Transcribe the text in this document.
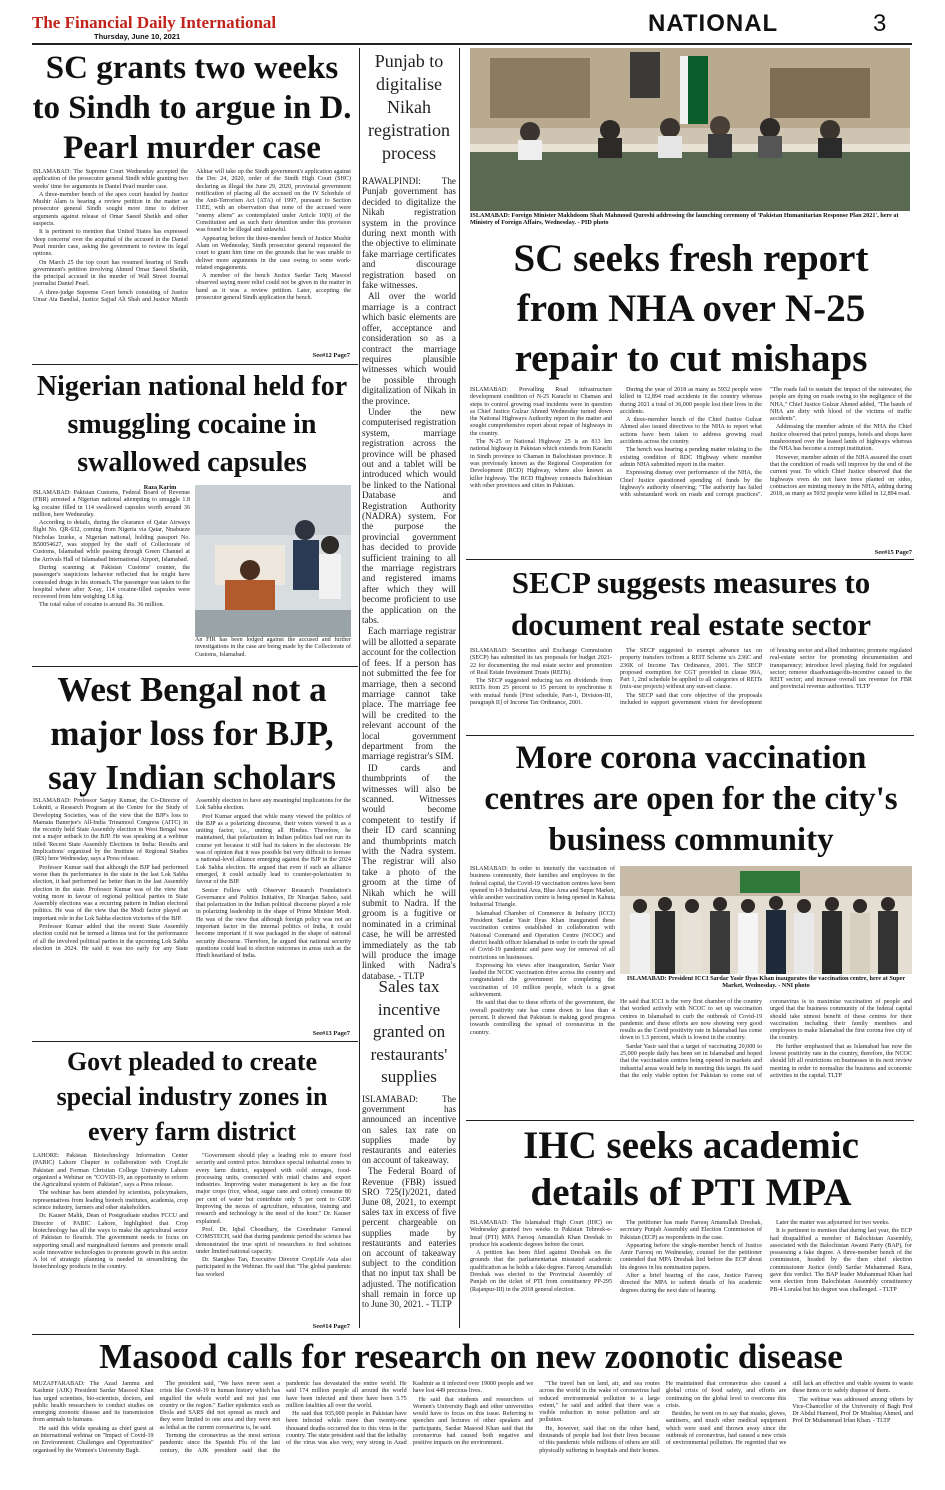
The Financial Daily International
Thursday, June 10, 2021	NATIONAL	3
SC grants two weeks to Sindh to argue in D. Pearl murder case

ISLAMABAD: The Supreme Court Wednesday accepted the application of the prosecutor general Sindh while granting two weeks' time for arguments in Daniel Pearl murder case.

A three-member bench of the apex court headed by Justice Mushir Alam is hearing a review petition in the matter as prosecutor general Sindh sought more time to deliver arguments against release of Omar Saeed Sheikh and other suspects.

It is pertinent to mention that United States has expressed 'deep concerns' over the acquittal of the accused in the Daniel Pearl murder case, asking the government to review its legal options.

On March 25 the top court has resumed hearing of Sindh government's petition involving Ahmed Omar Saeed Sheikh, the principal accused in the murder of Wall Street Journal journalist Daniel Pearl.

A three-judge Supreme Court bench consisting of Justice Umar Ata Bandial, Justice Sajjad Ali Shah and Justice Munib Akhtar will take up the Sindh government's application against the Dec 24, 2020, order of the Sindh High Court (SHC) declaring as illegal the June 29, 2020, provincial government notification of placing all the accused on the IV Schedule of the Anti-Terrorism Act (ATA) of 1997, pursuant to Section 11EE, with an observation that none of the accused were "enemy aliens" as contemplated under Article 10(9) of the Constitution and as such their detention under this provision was found to be illegal and unlawful.

Appearing before the three-member bench of Justice Mushir Alam on Wednesday, Sindh prosecutor general requested the court to grant him time on the grounds that he was unable to deliver more arguments in the case owing to some work-related engagements.

A member of the bench Justice Sardar Tariq Masood observed saying more relief could not be given in the matter in hand as it was a review petition. Later, accepting the prosecutor general Sindh application the bench.

See#12 Page7
Punjab to digitalise Nikah registration process

RAWALPINDI: The Punjab government has decided to digitalize the Nikah registration system in the province during next month with the objective to eliminate fake marriage certificates and discourage registration based on fake witnesses.

All over the world marriage is a contract which basic elements are offer, acceptance and consideration so as a contract the marriage requires plausible witnesses which would be possible through digitalization of Nikah in the province.

Under the new computerised registration system, marriage registration across the province will be phased out and a tablet will be introduced which would be linked to the National Database and Registration Authority (NADRA) system. For the purpose the provincial government has decided to provide sufficient training to all the marriage registrars and registered imams after which they will become proficient to use the application on the tabs.

Each marriage registrar will be allotted a separate account for the collection of fees. If a person has not submitted the fee for marriage, then a second marriage cannot take place. The marriage fee will be credited to the relevant account of the local government department from the marriage registrar's SIM.

ID cards and thumbprints of the witnesses will also be scanned. Witnesses would become competent to testify if their ID card scanning and thumbprints match with the Nadra system. The registrar will also take a photo of the groom at the time of Nikah which he will submit to Nadra. If the groom is a fugitive or nominated in a criminal case, he will be arrested immediately as the tab will produce the image linked with Nadra's database. - TLTP

ISLAMABAD: Foreign Minister Makhdoom Shah Mahmood Qureshi addressing the launching ceremony of 'Pakistan Humanitarian Response Plan 2021', here at Ministry of Foreign Affairs, Wednesday. - PID photo
SC seeks fresh report from NHA over N-25 repair to cut mishaps

ISLAMABAD: Prevailing Road infrastructure development condition of N-25 Karachi to Chaman and steps to control growing road incidents were in question as Chief Justice Gulzar Ahmed Wednesday turned down the National Highways Authority report in the matter and sought comprehensive report about repair of highways in the country.

The N-25 or National Highway 25 is an 813 km national highway in Pakistan which extends from Karachi in Sindh province to Chaman in Balochistan province. It was previously known as the Regional Cooperation for Development (RCD) Highway, where also known as killer highway. The RCD Highway connects Balochistan with other provinces and cities in Pakistan.

During the year of 2018 as many as 5932 people were killed in 12,894 road accidents in the country whereas during 2021 a total of 36,000 people lost their lives in the accidents.

A three-member bench of the Chief Justice Gulzar Ahmed also issued directives to the NHA to report what actions have been taken to address growing road accidents across the country.

The bench was hearing a pending matter relating to the existing condition of RDC Highway where member admin NHA submitted report in the matter.

Expressing dismay over performance of the NHA, the Chief Justice questioned spending of funds by the highway's authority observing; "The authority has failed with substandard work on roads and corrupt practices". "The roads fail to sustain the impact of the rainwater, the people are dying on roads owing to the negligence of the NHA," Chief Justice Gulzar Ahmed added, "The hands of NHA are dirty with blood of the victims of traffic accidents".

Addressing the member admin of the NHA the Chief Justice observed that petrol pumps, hotels and shops have mushroomed over the leased lands of highways whereas the NHA has become a corrupt institution.

However, member admin of the NHA assured the court that the condition of roads will improve by the end of the current year. To which Chief Justice observed that the highways even do not have trees planted on sides, contractors are minting money in the NHA, adding during 2018, as many as 5932 people were killed in 12,894 road.

See#15 Page7
Nigerian national held for smuggling cocaine in swallowed capsules
Raza Karim

ISLAMABAD: Pakistan Customs, Federal Board of Revenue (FBR) arrested a Nigerian national attempting to smuggle 1.8 kg cocaine filled in 114 swallowed capsules worth around 36 million, here Wednesday.

According to details, during the clearance of Qatar Airways flight No. QR-632, coming from Nigeria via Qatar, Nnabueze Nicholas Izueke, a Nigerian national, holding passport No. B50054627, was stopped by the staff of Collectorate of Customs, Islamabad while passing through Green Channel at the Arrivals Hall of Islamabad International Airport, Islamabad.

During scanning at Pakistan Customs' counter, the passenger's suspicious behavior reflected that he might have concealed drugs in his stomach. The passenger was taken to the hospital where after X-ray, 114 cocaine-filled capsules were recovered from him weighing 1.8 kg.

The total value of cocaine is around Rs. 36 million.

An FIR has been lodged against the accused and further investigations in the case are being made by the Collectorate of Customs, Islamabad.
SECP suggests measures to document real estate sector

ISLAMABAD: Securities and Exchange Commission (SECP) has submitted its tax proposals for budget 2021-22 for documenting the real estate sector and promotion of Real Estate Investment Trusts (REITs).

The SECP suggested reducing tax on dividends from REITs from 25 percent to 15 percent to synchronise it with mutual funds [First schedule, Part-1, Division-III, paragraph II] of Income Tax Ordinance, 2001.

The SECP suggested to exempt advance tax on property transfers to/from a REIT Scheme u/s 236C and 236K of Income Tax Ordinance, 2001. The SECP proposed exemption for CGT provided in clause 99A, Part 1, 2nd schedule be applied to all categories of REITs (mix-use projects) without any sun-set clause.

The SECP said that core objective of the proposals included to support government vision for development of housing sector and allied industries; promote regulated real-estate sector for promoting documentation and transparency; introduce level playing field for regulated sector; remove disadvantage/dis-incentive caused to the REIT sector; and increase overall tax revenue for FBR and provincial revenue authorities. TLTP

West Bengal not a major loss for BJP, say Indian scholars

ISLAMABAD: Professor Sanjay Kumar, the Co-Director of Lokniti, a Research Program at the Centre for the Study of Developing Societies, was of the view that the BJP's loss to Mamata Banerjee's All-India Trinamool Congress (AITC) in the recently held State Assembly election in West Bengal was not a major setback to the BJP. He was speaking at a webinar titled 'Recent State Assembly Elections in India: Results and Implications' organized by the Institute of Regional Studies (IRS) here Wednesday, says a Press release.

Professor Kumar said that although the BJP had performed worse than its performance in the state in the last Lok Sabha election, it had performed far better than in the last Assembly election in the state. Professor Kumar was of the view that voting more in favour of regional political parties in State Assembly elections was a recurring pattern in Indian electoral politics. He was of the view that the Modi factor played an important role in the Lok Sabha election victories of the BJP.

Professor Kumar added that the recent State Assembly election could not be termed a litmus test for the performance of all the involved political parties in the upcoming Lok Sabha election in 2024. He said it was too early for any State Assembly election to have any meaningful implications for the Lok Sabha election.

Prof Kumar argued that while many viewed the politics of the BJP as a polarizing discourse, their voters viewed it as a uniting factor, i.e., uniting all Hindus. Therefore, he maintained, that polarization in Indian politics had not run its course yet because it still had its takers in the electorate. He was of opinion that it was possible but very difficult to foresee a national-level alliance emerging against the BJP in the 2024 Lok Sabha election. He argued that even if such an alliance emerged, it could actually lead to counter-polarization in favour of the BJP.

Senior Fellow with Observer Research Foundation's Governance and Politics Initiative, Dr Niranjan Sahoo, said that polarization in the Indian political discourse played a role in polarizing leadership in the shape of Prime Minister Modi. He was of the view that although foreign policy was not an important factor in the internal politics of India, it could become important if it was packaged in the shape of national security discourse. Therefore, he argued that national security questions could lead to election outcomes in areas such as the Hindi heartland of India.

See#13 Page7
More corona vaccination centres are open for the city's business community

ISLAMABAD: In order to intensify the vaccination of business community, their families and employees in the federal capital, the Covid-19 vaccination centres have been opened in I-9 Industrial Area, Blue Area and Super Market, while another vaccination centre is being opened in Kahuta Industrial Triangle.

Islamabad Chamber of Commerce & Industry (ICCI) President Sardar Yasir Ilyas Khan inaugurated these vaccination centres established in collaboration with National Command and Operation Centre (NCOC) and district health officer Islamabad in order to curb the spread of Covid-19 pandemic and pave way for removal of all restrictions on businesses.

Expressing his views after inauguration, Sardar Yasir lauded the NCOC vaccination drive across the country and congratulated the government for completing the vaccination of 10 million people, which is a great achievement.

He said that due to these efforts of the government, the overall positivity rate has come down to less than 4 percent. It showed that Pakistan is making good progress towards controlling the spread of coronavirus in the country.

ISLAMABAD: President ICCI Sardar Yasir Ilyas Khan inaugurates the vaccination centre, here at Super Market, Wednesday. - NNI photo

He said that ICCI is the very first chamber of the country that worked actively with NCOC to set up vaccination centres in Islamabad to curb the outbreak of Covid-19 pandemic and these efforts are now showing very good results as the Covid positivity rate in Islamabad has come down to 1.3 percent, which is lowest in the country.

Sardar Yasir said that a target of vaccinating 20,000 to 25,000 people daily has been set in Islamabad and hoped that the vaccination centres being opened in markets and industrial areas would help in meeting this target. He said that the only viable option for Pakistan to come out of coronavirus is to maximise vaccination of people and urged that the business community of the federal capital should take utmost benefit of these centres for their vaccination including their family members and employees to make Islamabad the first corona free city of the country.

He further emphasised that as Islamabad has now the lowest positivity rate in the country, therefore, the NCOC should lift all restrictions on businesses in its next review meeting in order to normalize the business and economic activities in the capital. TLTP

Sales tax incentive granted on restaurants' supplies

ISLAMABAD: The government has announced an incentive on sales tax rate on supplies made by restaurants and eateries on account of takeaway.

The Federal Board of Revenue (FBR) issued SRO 725(I)/2021, dated June 08, 2021, to exempt sales tax in excess of five percent chargeable on supplies made by restaurants and eateries on account of takeaway subject to the condition that no input tax shall be adjusted. The notification shall remain in force up to June 30, 2021. - TLTP

Govt pleaded to create special industry zones in every farm district

LAHORE: Pakistan Biotechnology Information Center (PABIC) Lahore Chapter in collaboration with CropLife Pakistan and Forman Christian College University Lahore organized a Webinar on "COVID-19, an opportunity to reform the Agricultural system of Pakistan", says a Press release.

The webinar has been attended by scientists, policymakers, representatives from leading biotech institutes, academia, crop science industry, farmers and other stakeholders.

Dr. Kauser Malik, Dean of Postgraduate studies FCCU and Director of PABIC Lahore, highlighted that Crop biotechnology has all the ways to make the agricultural sector of Pakistan to flourish. The government needs to focus on supporting small and marginalized farmers and promote small scale innovative technologies to promote growth in this sector. A lot of strategic planning is needed in streamlining the biotechnology products in the country.

"Government should play a leading role to ensure food security and control price. Introduce special industrial zones in every farm district, equipped with cold storages, food-processing units, connected with retail chains and export industries. Improving water management is key as the four major crops (rice, wheat, sugar cane and cotton) consume 80 per cent of water but contribute only 5 per cent to GDP. Improving the nexus of agriculture, education, training and research and technology is the need of the hour." Dr. Kauser explained.

Prof. Dr. Iqbal Choudhary, the Coordinator General COMSTECH, said that during pandemic period the science has demonstrated the true spirit of researchers to find solutions under limited national capacity.

Dr. Sianghee Tan, Executive Director CropLife Asia also participated in the Webinar. He said that "The global pandemic has worked

See#14 Page7
IHC seeks academic details of PTI MPA

ISLAMABAD: The Islamabad High Court (IHC) on Wednesday granted two weeks to Pakistan Tehreek-e-Insaf (PTI) MPA Farooq Amanullah Khan Dreshak to produce his academic degrees before the court.

A petition has been filed against Dreshak on the grounds that the parliamentarian misstated academic qualification as he holds a fake degree. Farooq Amanullah Dreshak was elected to the Provincial Assembly of Punjab on the ticket of PTI from constituency PP-295 (Rajanpur-III) in the 2018 general election.

The petitioner has made Farooq Amanullah Dreshak, secretary Punjab Assembly and Election Commission of Pakistan (ECP) as respondents in the case.

Appearing before the single-member bench of Justice Amir Farooq on Wednesday, counsel for the petitioner contended that MPA Dreshak lied before the ECP about his degrees in his nomination papers.

After a brief hearing of the case, Justice Farooq directed the MPA to submit details of his academic degrees during the next date of hearing.

Later the matter was adjourned for two weeks.

It is pertinent to mention that during last year, the ECP had disqualified a member of Balochistan Assembly, associated with the Balochistan Awami Party (BAP), for possessing a fake degree. A three-member bench of the commission, headed by the then chief election commissioner Justice (retd) Sardar Muhammad Raza, gave this verdict. The BAP leader Muhammad Khan had won election from Balochistan Assembly constituency PB-4 Loralai but his degree was challenged. - TLTP

Masood calls for research on new zoonotic disease

MUZAFFARABAD: The Azad Jammu and Kashmir (AJK) President Sardar Masood Khan has urged scientists, bio-scientists, doctors, and public health researchers to conduct studies on emerging zoonotic disease and its transmission from animals to humans.

He said this while speaking as chief guest at an international webinar on "Impact of Covid-19 on Environment: Challenges and Opportunities" organised by the Women's University Bagh.

The president said, "We have never seen a crisis like Covid-19 in human history which has engulfed the whole world and not just one country or the region." Earlier epidemics such as Ebola and SARS did not spread as much and they were limited to one area and they were not as lethal as the current coronavirus is, he said.

Terming the coronavirus as the most serious pandemic since the Spanish Flu of the last century, the AJK president said that the pandemic has devastated the entire world. He said 174 million people all around the world have been infected and there have been 3.75 million fatalities all over the world.

He said that 935,000 people in Pakistan have been infected while more than twenty-one thousand deaths occurred due to this virus in the country. The state president said that the lethality of the virus was also very, very strong in Azad Kashmir as it infected over 19000 people and we have lost 449 precious lives.

He said that students and researchers of Women's University Bagh and other universities would have to focus on this issue. Referring to speeches and lectures of other speakers and participants, Sardar Masood Khan said that the coronavirus had caused both negative and positive impacts on the environment.

"The travel ban on land, air, and sea routes across the world in the wake of coronavirus had reduced environmental pollution to a large extent," he said and added that there was a visible reduction in noise pollution and air pollution.

He, however, said that on the other hand, thousands of people had lost their lives because of this pandemic while millions of others are still physically suffering in hospitals and their homes. He maintained that coronavirus also caused a global crisis of food safety, and efforts are continuing on the global level to overcome this crisis.

Besides, he went on to say that masks, gloves, sanitisers, and much other medical equipment which were used and thrown away since the outbreak of coronavirus, had caused a new crisis of environmental pollution. He regretted that we still lack an effective and viable system to waste these items or to safely dispose of them.

The webinar was addressed among others by Vice-Chancellor of the University of Bagh Prof Dr Abdul Hameed, Prof Dr Mushtaq Ahmed, and Prof Dr Muhammad Irfan Khan. - TLTP
